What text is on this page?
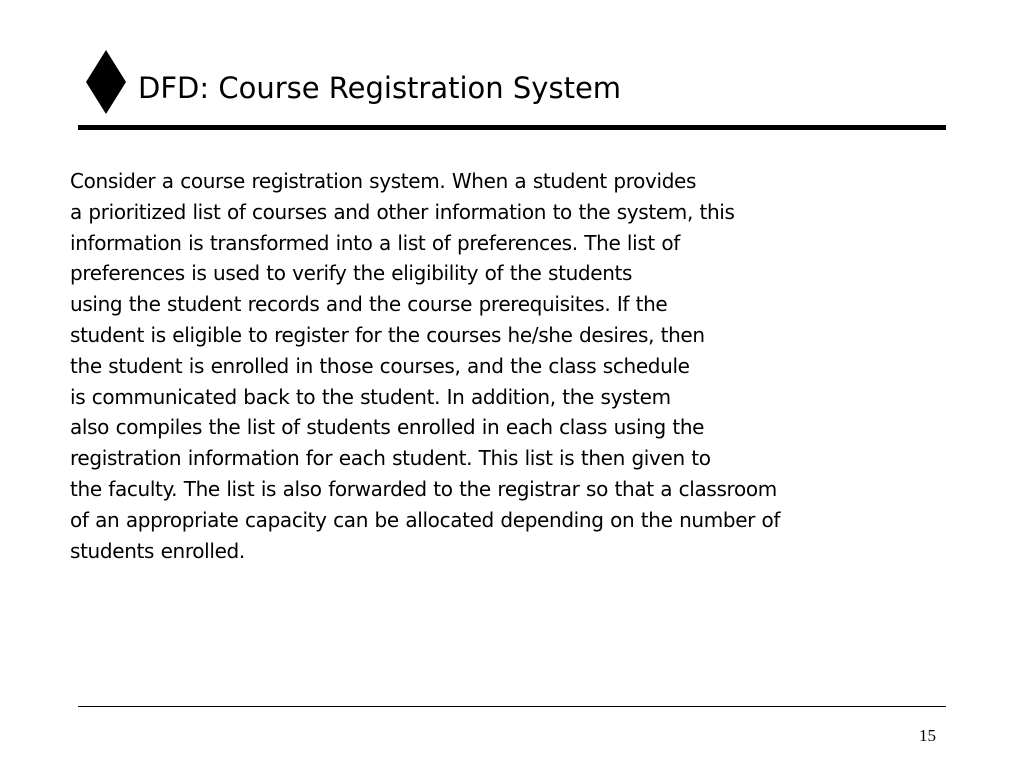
DFD: Course Registration System
Consider a course registration system. When a student provides
a prioritized list of courses and other information to the system, this
information is transformed into a list of preferences. The list of
preferences is used to verify the eligibility of the students
using the student records and the course prerequisites. If the
student is eligible to register for the courses he/she desires, then
the student is enrolled in those courses, and the class schedule
is communicated back to the student. In addition, the system
also compiles the list of students enrolled in each class using the
registration information for each student. This list is then given to
the faculty. The list is also forwarded to the registrar so that a classroom
of an appropriate capacity can be allocated depending on the number of
students enrolled.
15
